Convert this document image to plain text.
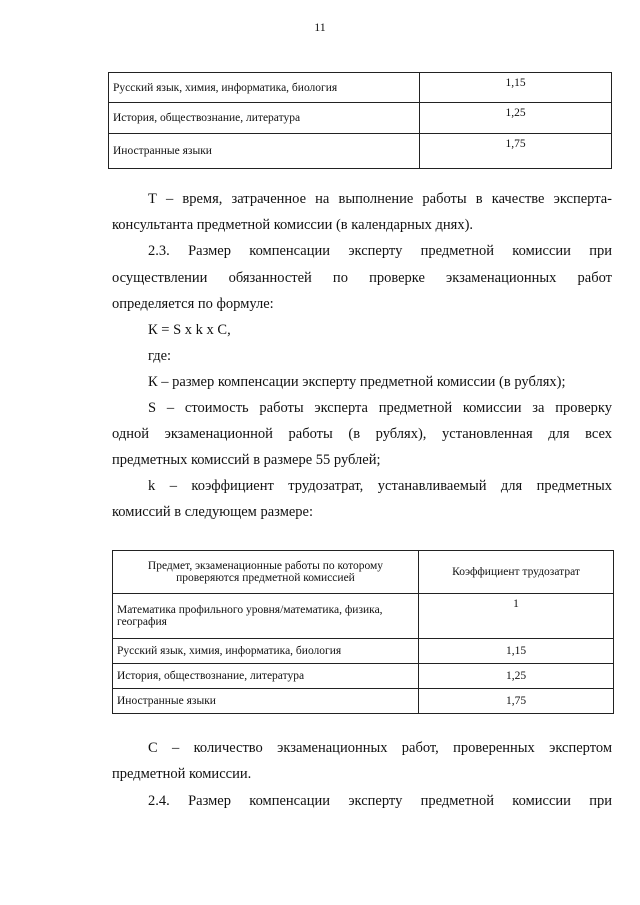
11
Русский язык, химия, информатика, биология	1,15
История, обществознание, литература	1,25
Иностранные языки	1,75
Т – время, затраченное на выполнение работы в качестве эксперта-
консультанта предметной комиссии (в календарных днях).
2.3. Размер компенсации эксперту предметной комиссии при
осуществлении обязанностей по проверке экзаменационных работ
определяется по формуле:
К = S x k x C,
где:
К – размер компенсации эксперту предметной комиссии (в рублях);
S – стоимость работы эксперта предметной комиссии за проверку
одной экзаменационной работы (в рублях), установленная для всех
предметных комиссий в размере 55 рублей;
k – коэффициент трудозатрат, устанавливаемый для предметных
комиссий в следующем размере:
Предмет, экзаменационные работы по которому проверяются предметной комиссией	Коэффициент трудозатрат
Математика профильного уровня/математика, физика, география	1
Русский язык, химия, информатика, биология	1,15
История, обществознание, литература	1,25
Иностранные языки	1,75
С – количество экзаменационных работ, проверенных экспертом
предметной комиссии.
2.4. Размер компенсации эксперту предметной комиссии при
